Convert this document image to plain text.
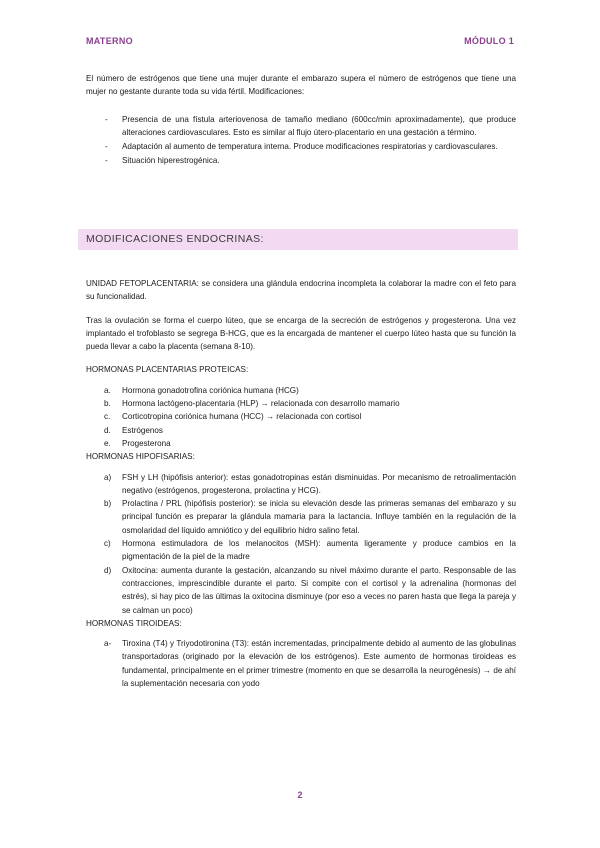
MATERNO	MÓDULO 1

El número de estrógenos que tiene una mujer durante el embarazo supera el número de estrógenos que tiene una mujer no gestante durante toda su vida fértil. Modificaciones:

- Presencia de una fístula arteriovenosa de tamaño mediano (600cc/min aproximadamente), que produce alteraciones cardiovasculares. Esto es similar al flujo útero-placentario en una gestación a término.
- Adaptación al aumento de temperatura interna. Produce modificaciones respiratorias y cardiovasculares.
- Situación hiperestrogénica.
MODIFICACIONES ENDOCRINAS:

UNIDAD FETOPLACENTARIA: se considera una glándula endocrina incompleta la colaborar la madre con el feto para su funcionalidad.

Tras la ovulación se forma el cuerpo lúteo, que se encarga de la secreción de estrógenos y progesterona. Una vez implantado el trofoblasto se segrega B-HCG, que es la encargada de mantener el cuerpo lúteo hasta que su función la pueda llevar a cabo la placenta (semana 8-10).

HORMONAS PLACENTARIAS PROTEICAS:

a. Hormona gonadotrofina coriónica humana (HCG)
b. Hormona lactógeno-placentaria (HLP) → relacionada con desarrollo mamario
c. Corticotropina coriónica humana (HCC) → relacionada con cortisol
d. Estrógenos
e. Progesterona

HORMONAS HIPOFISARIAS:

a) FSH y LH (hipófisis anterior): estas gonadotropinas están disminuidas. Por mecanismo de retroalimentación negativo (estrógenos, progesterona, prolactina y HCG).
b) Prolactina / PRL (hipófisis posterior): se inicia su elevación desde las primeras semanas del embarazo y su principal función es preparar la glándula mamaria para la lactancia. Influye también en la regulación de la osmolaridad del líquido amniótico y del equilibrio hidro salino fetal.
c) Hormona estimuladora de los melanocitos (MSH): aumenta ligeramente y produce cambios en la pigmentación de la piel de la madre
d) Oxitocina: aumenta durante la gestación, alcanzando su nivel máximo durante el parto. Responsable de las contracciones, imprescindible durante el parto. Si compite con el cortisol y la adrenalina (hormonas del estrés), si hay pico de las últimas la oxitocina disminuye (por eso a veces no paren hasta que llega la pareja y se calman un poco)

HORMONAS TIROIDEAS:

a- Tiroxina (T4) y Triyodotironina (T3): están incrementadas, principalmente debido al aumento de las globulinas transportadoras (originado por la elevación de los estrógenos). Este aumento de hormonas tiroideas es fundamental, principalmente en el primer trimestre (momento en que se desarrolla la neurogénesis) → de ahí la suplementación necesaria con yodo
2
